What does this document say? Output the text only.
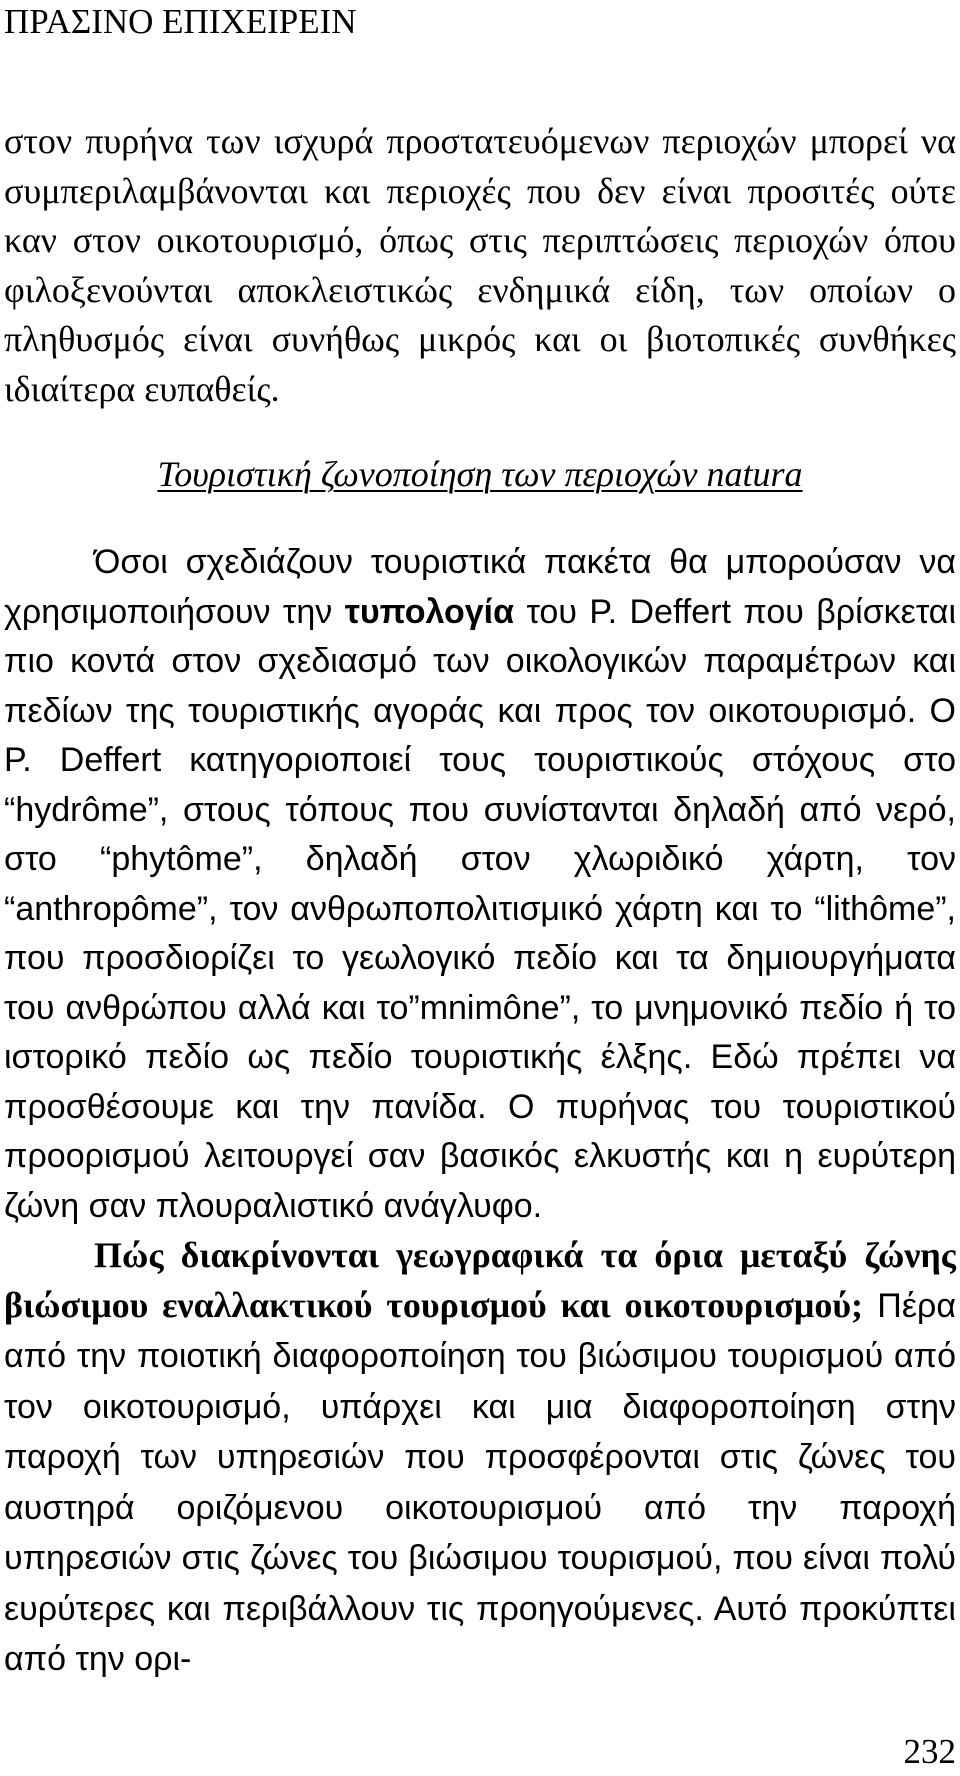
ΠΡΑΣΙΝΟ ΕΠΙΧΕΙΡΕΙΝ

στον πυρήνα των ισχυρά προστατευόμενων περιοχών μπορεί να συμπεριλαμβάνονται και περιοχές που δεν είναι προσιτές ούτε καν στον οικοτουρισμό, όπως στις περιπτώσεις περιοχών όπου φιλοξενούνται αποκλειστικώς ενδημικά είδη, των οποίων ο πληθυσμός είναι συνήθως μικρός και οι βιοτοπικές συνθήκες ιδιαίτερα ευπαθείς.

Τουριστική ζωνοποίηση των περιοχών natura

Όσοι σχεδιάζουν τουριστικά πακέτα θα μπορούσαν να χρησιμοποιήσουν την τυπολογία του P. Deffert που βρίσκεται πιο κοντά στον σχεδιασμό των οικολογικών παραμέτρων και πεδίων της τουριστικής αγοράς και προς τον οικοτουρισμό. Ο P. Deffert κατηγοριοποιεί τους τουριστικούς στόχους στο “hydrôme”, στους τόπους που συνίστανται δηλαδή από νερό, στο “phytôme”, δηλαδή στον χλωριδικό χάρτη, τον “anthropôme”, τον ανθρωποπολιτισμικό χάρτη και το “lithôme”, που προσδιορίζει το γεωλογικό πεδίο και τα δημιουργήματα του ανθρώπου αλλά και το”mnimône”, το μνημονικό πεδίο ή το ιστορικό πεδίο ως πεδίο τουριστικής έλξης. Εδώ πρέπει να προσθέσουμε και την πανίδα. Ο πυρήνας του τουριστικού προορισμού λειτουργεί σαν βασικός ελκυστής και η ευρύτερη ζώνη σαν πλουραλιστικό ανάγλυφο.

Πώς διακρίνονται γεωγραφικά τα όρια μεταξύ ζώνης βιώσιμου εναλλακτικού τουρισμού και οικοτουρισμού; Πέρα από την ποιοτική διαφοροποίηση του βιώσιμου τουρισμού από τον οικοτουρισμό, υπάρχει και μια διαφοροποίηση στην παροχή των υπηρεσιών που προσφέρονται στις ζώνες του αυστηρά οριζόμενου οικοτουρισμού από την παροχή υπηρεσιών στις ζώνες του βιώσιμου τουρισμού, που είναι πολύ ευρύτερες και περιβάλλουν τις προηγούμενες. Αυτό προκύπτει από την ορι-

232
